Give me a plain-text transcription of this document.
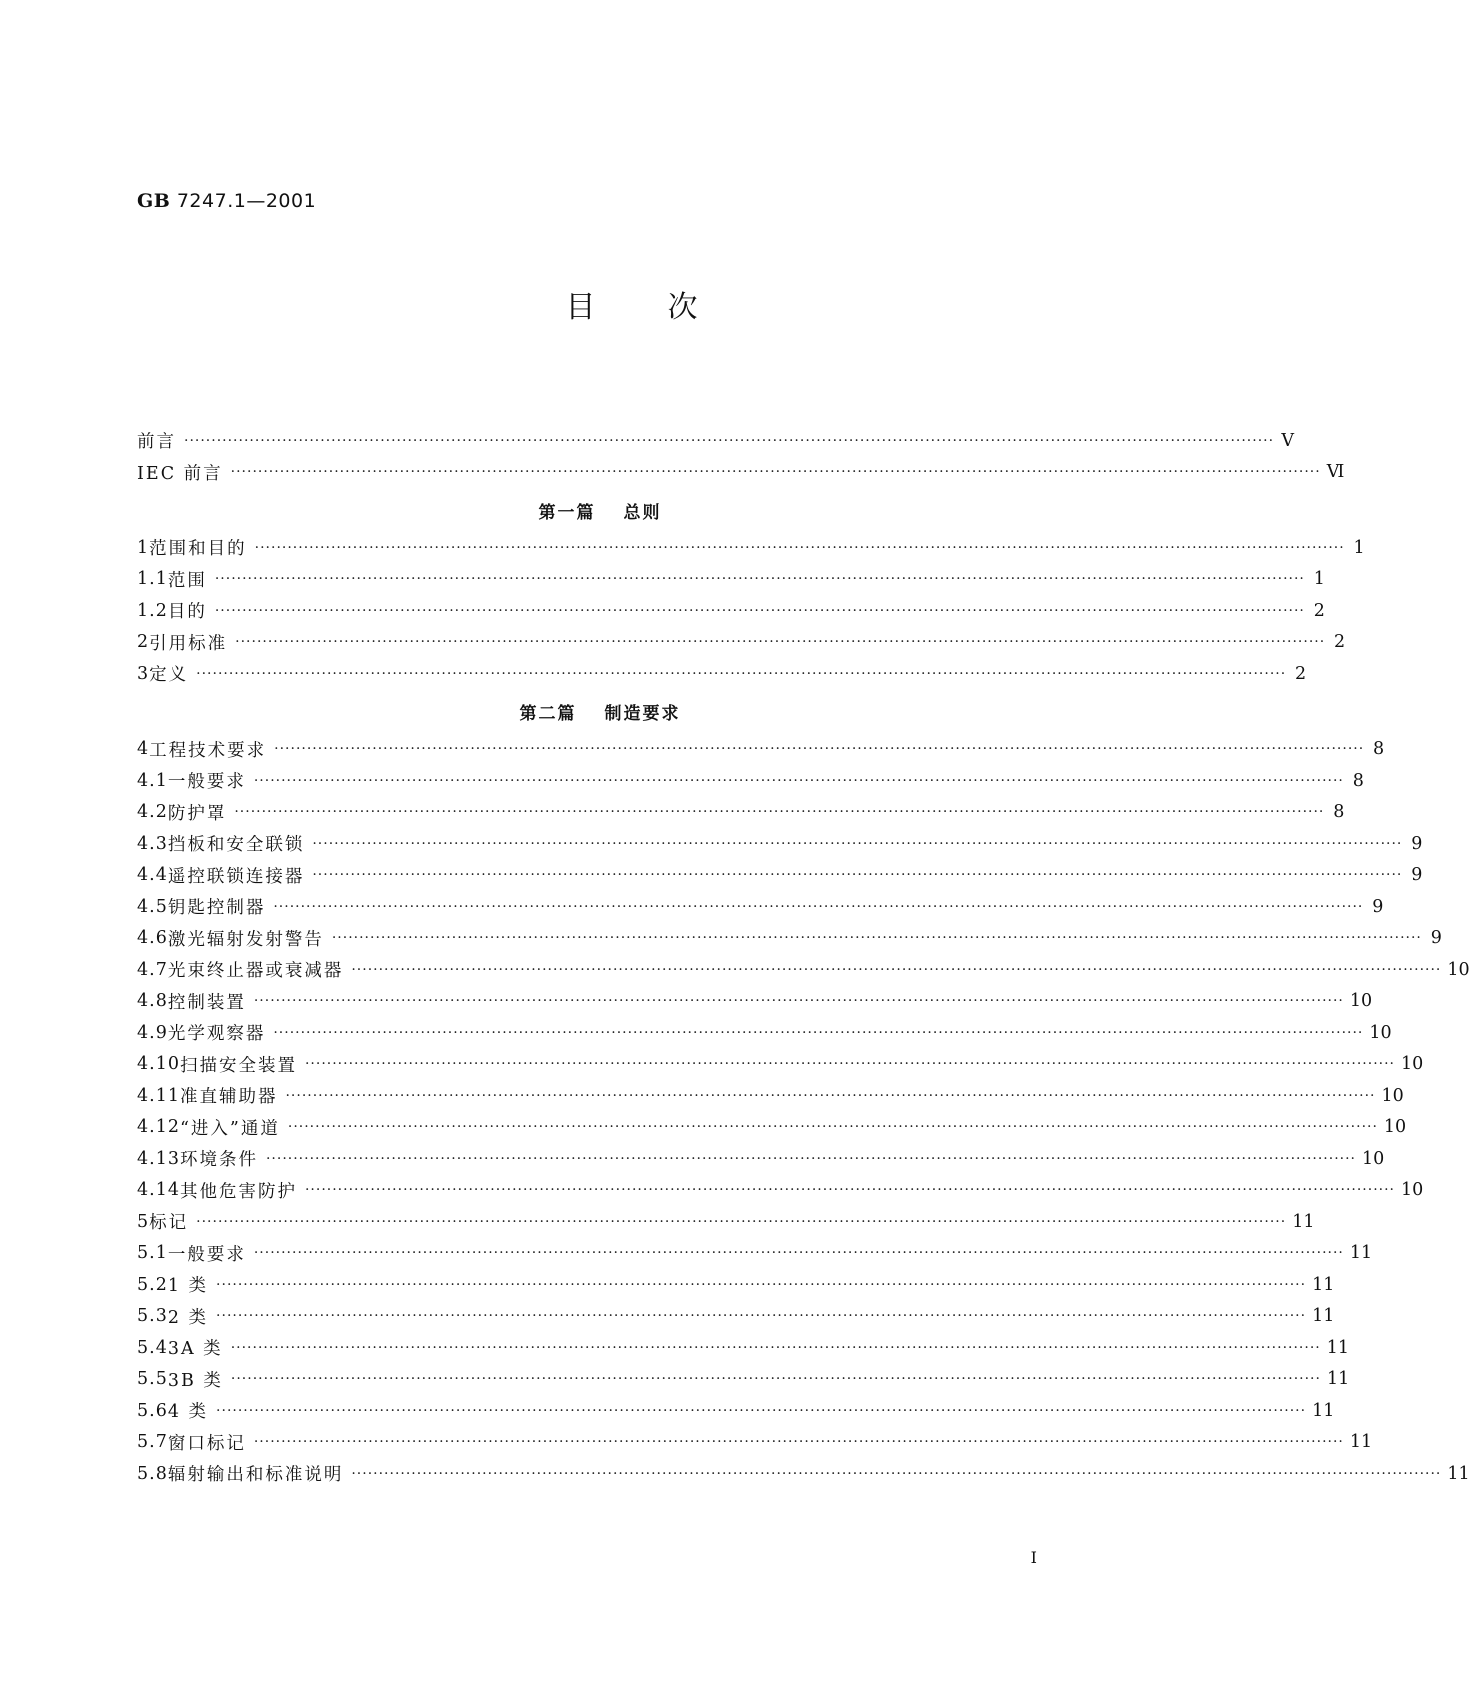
GB 7247.1—2001
目次
前言 ········································································································································································································ Ⅴ
IEC 前言 ········································································································································································································ Ⅵ
第一篇 总则
1 范围和目的 ········································································································································································································ 1
1.1 范围 ········································································································································································································ 1
1.2 目的 ········································································································································································································ 2
2 引用标准 ········································································································································································································ 2
3 定义 ········································································································································································································ 2
第二篇 制造要求
4 工程技术要求 ········································································································································································································ 8
4.1 一般要求 ········································································································································································································ 8
4.2 防护罩 ········································································································································································································ 8
4.3 挡板和安全联锁 ········································································································································································································ 9
4.4 遥控联锁连接器 ········································································································································································································ 9
4.5 钥匙控制器 ········································································································································································································ 9
4.6 激光辐射发射警告 ········································································································································································································ 9
4.7 光束终止器或衰减器 ········································································································································································································ 10
4.8 控制装置 ········································································································································································································ 10
4.9 光学观察器 ········································································································································································································ 10
4.10 扫描安全装置 ········································································································································································································ 10
4.11 准直辅助器 ········································································································································································································ 10
4.12 “进入”通道 ········································································································································································································ 10
4.13 环境条件 ········································································································································································································ 10
4.14 其他危害防护 ········································································································································································································ 10
5 标记 ········································································································································································································ 11
5.1 一般要求 ········································································································································································································ 11
5.2 1 类 ········································································································································································································ 11
5.3 2 类 ········································································································································································································ 11
5.4 3A 类 ········································································································································································································ 11
5.5 3B 类 ········································································································································································································ 11
5.6 4 类 ········································································································································································································ 11
5.7 窗口标记 ········································································································································································································ 11
5.8 辐射输出和标准说明 ········································································································································································································ 11
Ⅰ
